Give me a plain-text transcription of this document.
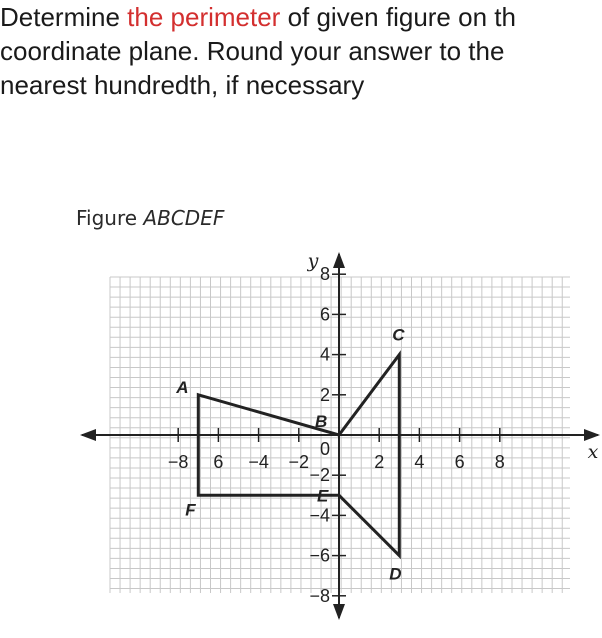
Determine the perimeter of given figure on th
coordinate plane. Round your answer to the
nearest hundredth, if necessary
Figure ABCDEF
−8 6 −4 −2	2 4 6 8
8
6
4
2
−2
−4
−6
−8
0	x
y
A
B
C
D
E
F
